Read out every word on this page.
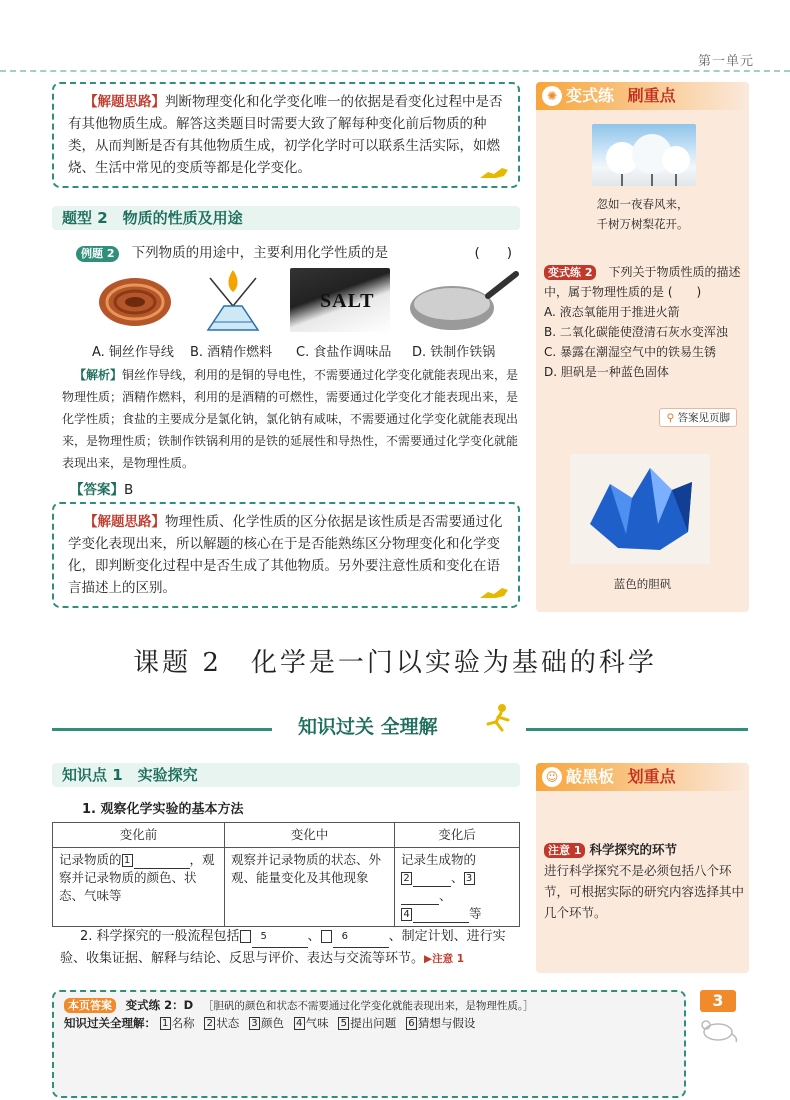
第一单元
【解题思路】判断物理变化和化学变化唯一的依据是看变化过程中是否有其他物质生成。解答这类题目时需要大致了解每种变化前后物质的种类，从而判断是否有其他物质生成，初学化学时可以联系生活实际，如燃烧、生活中常见的变质等都是化学变化。
题型 2　物质的性质及用途
例题 2 下列物质的用途中，主要利用化学性质的是	(　　)
SALT
A. 铜丝作导线 B. 酒精作燃料 C. 食盐作调味品 D. 铁制作铁锅
【解析】铜丝作导线，利用的是铜的导电性，不需要通过化学变化就能表现出来，是物理性质；酒精作燃料，利用的是酒精的可燃性，需要通过化学变化才能表现出来，是化学性质；食盐的主要成分是氯化钠，氯化钠有咸味，不需要通过化学变化就能表现出来，是物理性质；铁制作铁锅利用的是铁的延展性和导热性，不需要通过化学变化就能表现出来，是物理性质。
【答案】B
【解题思路】物理性质、化学性质的区分依据是该性质是否需要通过化学变化表现出来，所以解题的核心在于是否能熟练区分物理变化和化学变化，即判断变化过程中是否生成了其他物质。另外要注意性质和变化在语言描述上的区别。
✺ 变式练 刷重点
忽如一夜春风来，
千树万树梨花开。
变式练 2　 下列关于物质性质的描述中，属于物理性质的是 (　　)
A. 液态氧能用于推进火箭
B. 二氧化碳能使澄清石灰水变浑浊
C. 暴露在潮湿空气中的铁易生锈
D. 胆矾是一种蓝色固体
⚲ 答案见页脚
蓝色的胆矾
课题 2　化学是一门以实验为基础的科学
知识过关 全理解
知识点 1　实验探究
1. 观察化学实验的基本方法
变化前	变化中	变化后
记录物质的 1 ，观察并记录物质的颜色、状态、气味等	观察并记录物质的状态、外观、能量变化及其他现象	记录生成物的
2 、 3、
4 等
2. 科学探究的一般流程包括 5	、 6	、制定计划、进行实验、收集证据、解释与结论、反思与评价、表达与交流等环节。▶注意 1
☺ 敲黑板 划重点
注意 1 科学探究的环节
进行科学探究不是必须包括八个环节，可根据实际的研究内容选择其中几个环节。
本页答案 变式练 2：D ［胆矾的颜色和状态不需要通过化学变化就能表现出来，是物理性质。］
知识过关全理解： 1 名称 2 状态 3 颜色 4 气味 5 提出问题 6 猜想与假设
3
